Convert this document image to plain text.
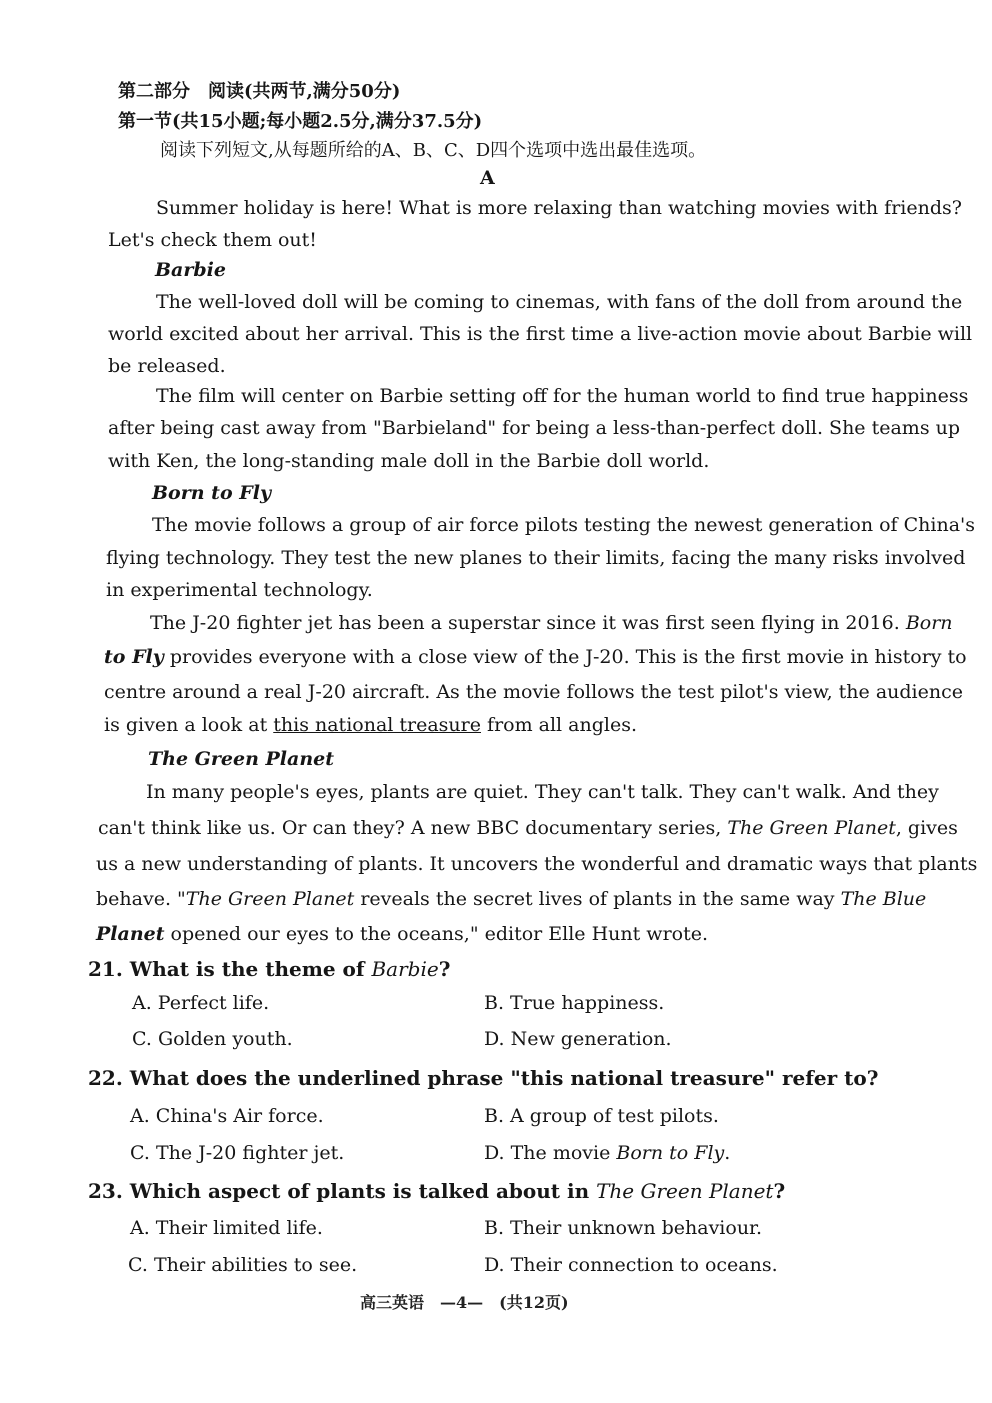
第二部分　阅读(共两节,满分50分)
第一节(共15小题;每小题2.5分,满分37.5分)
阅读下列短文,从每题所给的A、B、C、D四个选项中选出最佳选项。
A
Summer holiday is here! What is more relaxing than watching movies with friends?
Let's check them out!
Barbie
The well-loved doll will be coming to cinemas, with fans of the doll from around the
world excited about her arrival. This is the first time a live-action movie about Barbie will
be released.
The film will center on Barbie setting off for the human world to find true happiness
after being cast away from "Barbieland" for being a less-than-perfect doll. She teams up
with Ken, the long-standing male doll in the Barbie doll world.
Born to Fly
The movie follows a group of air force pilots testing the newest generation of China's
flying technology. They test the new planes to their limits, facing the many risks involved
in experimental technology.
The J-20 fighter jet has been a superstar since it was first seen flying in 2016. Born
to Fly provides everyone with a close view of the J-20. This is the first movie in history to
centre around a real J-20 aircraft. As the movie follows the test pilot's view, the audience
is given a look at this national treasure from all angles.
The Green Planet
In many people's eyes, plants are quiet. They can't talk. They can't walk. And they
can't think like us. Or can they? A new BBC documentary series, The Green Planet, gives
us a new understanding of plants. It uncovers the wonderful and dramatic ways that plants
behave. "The Green Planet reveals the secret lives of plants in the same way The Blue
Planet opened our eyes to the oceans," editor Elle Hunt wrote.
21. What is the theme of Barbie?
A. Perfect life.	B. True happiness.
C. Golden youth.	D. New generation.
22. What does the underlined phrase "this national treasure" refer to?
A. China's Air force.	B. A group of test pilots.
C. The J-20 fighter jet.	D. The movie Born to Fly.
23. Which aspect of plants is talked about in The Green Planet?
A. Their limited life.	B. Their unknown behaviour.
C. Their abilities to see.	D. Their connection to oceans.
高三英语　—4—　(共12页)
